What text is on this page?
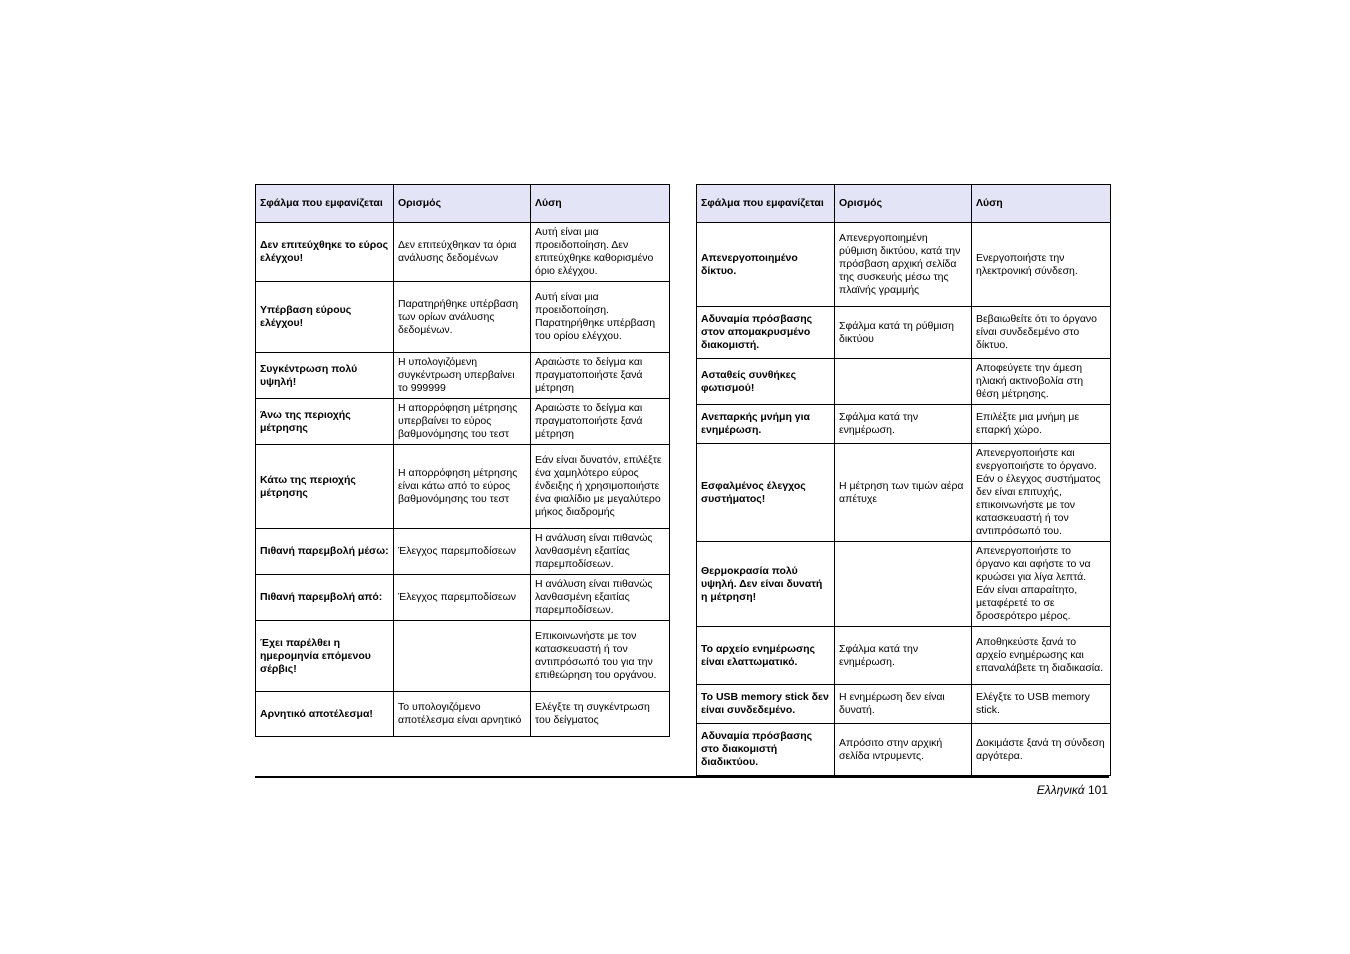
Σφάλμα που εμφανίζεται	Ορισμός	Λύση
Δεν επιτεύχθηκε το εύρος ελέγχου!	Δεν επιτεύχθηκαν τα όρια ανάλυσης δεδομένων	Αυτή είναι μια προειδοποίηση. Δεν επιτεύχθηκε καθορισμένο όριο ελέγχου.
Υπέρβαση εύρους ελέγχου!	Παρατηρήθηκε υπέρβαση των ορίων ανάλυσης δεδομένων.	Αυτή είναι μια προειδοποίηση. Παρατηρήθηκε υπέρβαση του ορίου ελέγχου.
Συγκέντρωση πολύ υψηλή!	Η υπολογιζόμενη συγκέντρωση υπερβαίνει το 999999	Αραιώστε το δείγμα και πραγματοποιήστε ξανά μέτρηση
Άνω της περιοχής μέτρησης	Η απορρόφηση μέτρησης υπερβαίνει το εύρος βαθμονόμησης του τεστ	Αραιώστε το δείγμα και πραγματοποιήστε ξανά μέτρηση
Κάτω της περιοχής μέτρησης	Η απορρόφηση μέτρησης είναι κάτω από το εύρος βαθμονόμησης του τεστ	Εάν είναι δυνατόν, επιλέξτε ένα χαμηλότερο εύρος ένδειξης ή χρησιμοποιήστε ένα φιαλίδιο με μεγαλύτερο μήκος διαδρομής
Πιθανή παρεμβολή μέσω:	Έλεγχος παρεμποδίσεων	Η ανάλυση είναι πιθανώς λανθασμένη εξαιτίας παρεμποδίσεων.
Πιθανή παρεμβολή από:	Έλεγχος παρεμποδίσεων	Η ανάλυση είναι πιθανώς λανθασμένη εξαιτίας παρεμποδίσεων.
Έχει παρέλθει η ημερομηνία επόμενου σέρβις!		Επικοινωνήστε με τον κατασκευαστή ή τον αντιπρόσωπό του για την επιθεώρηση του οργάνου.
Αρνητικό αποτέλεσμα!	Το υπολογιζόμενο αποτέλεσμα είναι αρνητικό	Ελέγξτε τη συγκέντρωση του δείγματος
Σφάλμα που εμφανίζεται	Ορισμός	Λύση
Απενεργοποιημένο δίκτυο.	Απενεργοποιημένη ρύθμιση δικτύου, κατά την πρόσβαση αρχική σελίδα της συσκευής μέσω της πλαϊνής γραμμής	Ενεργοποιήστε την ηλεκτρονική σύνδεση.
Αδυναμία πρόσβασης στον απομακρυσμένο διακομιστή.	Σφάλμα κατά τη ρύθμιση δικτύου	Βεβαιωθείτε ότι το όργανο είναι συνδεδεμένο στο δίκτυο.
Ασταθείς συνθήκες φωτισμού!		Αποφεύγετε την άμεση ηλιακή ακτινοβολία στη θέση μέτρησης.
Ανεπαρκής μνήμη για ενημέρωση.	Σφάλμα κατά την ενημέρωση.	Επιλέξτε μια μνήμη με επαρκή χώρο.
Εσφαλμένος έλεγχος συστήματος!	Η μέτρηση των τιμών αέρα απέτυχε	Απενεργοποιήστε και ενεργοποιήστε το όργανο. Εάν ο έλεγχος συστήματος δεν είναι επιτυχής, επικοινωνήστε με τον κατασκευαστή ή τον αντιπρόσωπό του.
Θερμοκρασία πολύ υψηλή. Δεν είναι δυνατή η μέτρηση!		Απενεργοποιήστε το όργανο και αφήστε το να κρυώσει για λίγα λεπτά. Εάν είναι απαραίτητο, μεταφέρετέ το σε δροσερότερο μέρος.
Το αρχείο ενημέρωσης είναι ελαττωματικό.	Σφάλμα κατά την ενημέρωση.	Αποθηκεύστε ξανά το αρχείο ενημέρωσης και επαναλάβετε τη διαδικασία.
Το USB memory stick δεν είναι συνδεδεμένο.	Η ενημέρωση δεν είναι δυνατή.	Ελέγξτε το USB memory stick.
Αδυναμία πρόσβασης στο διακομιστή διαδικτύου.	Απρόσιτο στην αρχική σελίδα ιντρυμεντς.	Δοκιμάστε ξανά τη σύνδεση αργότερα.
Ελληνικά 101
